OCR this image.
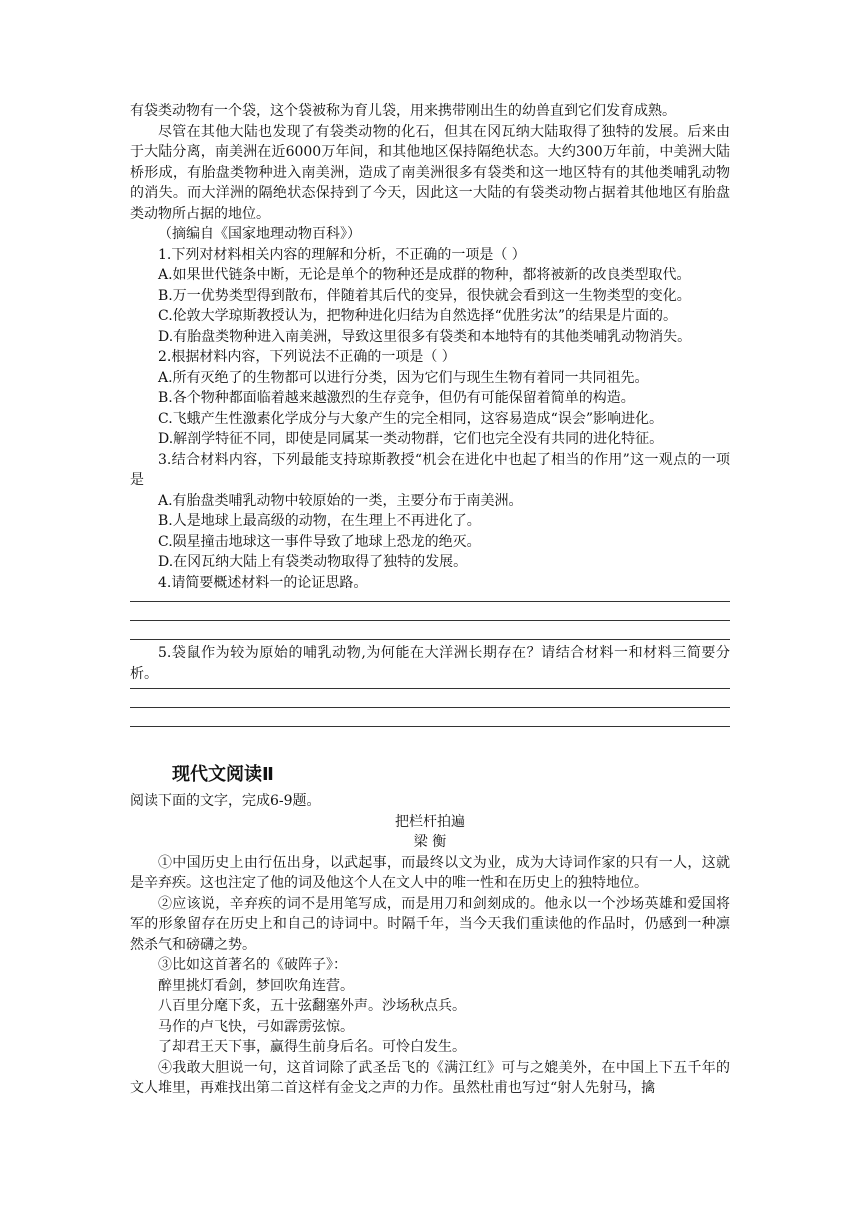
有袋类动物有一个袋，这个袋被称为育儿袋，用来携带刚出生的幼兽直到它们发育成熟。

尽管在其他大陆也发现了有袋类动物的化石，但其在冈瓦纳大陆取得了独特的发展。后来由于大陆分离，南美洲在近6000万年间，和其他地区保持隔绝状态。大约300万年前，中美洲大陆桥形成，有胎盘类物种进入南美洲，造成了南美洲很多有袋类和这一地区特有的其他类哺乳动物的消失。而大洋洲的隔绝状态保持到了今天，因此这一大陆的有袋类动物占据着其他地区有胎盘类动物所占据的地位。

（摘编自《国家地理动物百科》）

1.下列对材料相关内容的理解和分析，不正确的一项是（ ）

A.如果世代链条中断，无论是单个的物种还是成群的物种，都将被新的改良类型取代。

B.万一优势类型得到散布，伴随着其后代的变异，很快就会看到这一生物类型的变化。

C.伦敦大学琼斯教授认为，把物种进化归结为自然选择“优胜劣汰”的结果是片面的。

D.有胎盘类物种进入南美洲，导致这里很多有袋类和本地特有的其他类哺乳动物消失。

2.根据材料内容，下列说法不正确的一项是（ ）

A.所有灭绝了的生物都可以进行分类，因为它们与现生生物有着同一共同祖先。

B.各个物种都面临着越来越激烈的生存竞争，但仍有可能保留着简单的构造。

C.飞蛾产生性激素化学成分与大象产生的完全相同，这容易造成“误会”影响进化。

D.解剖学特征不同，即使是同属某一类动物群，它们也完全没有共同的进化特征。

3.结合材料内容，下列最能支持琼斯教授“机会在进化中也起了相当的作用”这一观点的一项是

A.有胎盘类哺乳动物中较原始的一类，主要分布于南美洲。

B.人是地球上最高级的动物，在生理上不再进化了。

C.陨星撞击地球这一事件导致了地球上恐龙的绝灭。

D.在冈瓦纳大陆上有袋类动物取得了独特的发展。

4.请简要概述材料一的论证思路。

5.袋鼠作为较为原始的哺乳动物,为何能在大洋洲长期存在？请结合材料一和材料三简要分析。

现代文阅读Ⅱ

阅读下面的文字，完成6-9题。

把栏杆拍遍

梁 衡

①中国历史上由行伍出身，以武起事，而最终以文为业，成为大诗词作家的只有一人，这就是辛弃疾。这也注定了他的词及他这个人在文人中的唯一性和在历史上的独特地位。

②应该说，辛弃疾的词不是用笔写成，而是用刀和剑刻成的。他永以一个沙场英雄和爱国将军的形象留存在历史上和自己的诗词中。时隔千年，当今天我们重读他的作品时，仍感到一种凛然杀气和磅礴之势。

③比如这首著名的《破阵子》：

醉里挑灯看剑，梦回吹角连营。

八百里分麾下炙，五十弦翻塞外声。沙场秋点兵。

马作的卢飞快，弓如霹雳弦惊。

了却君王天下事，赢得生前身后名。可怜白发生。

④我敢大胆说一句，这首词除了武圣岳飞的《满江红》可与之媲美外，在中国上下五千年的文人堆里，再难找出第二首这样有金戈之声的力作。虽然杜甫也写过“射人先射马，擒
